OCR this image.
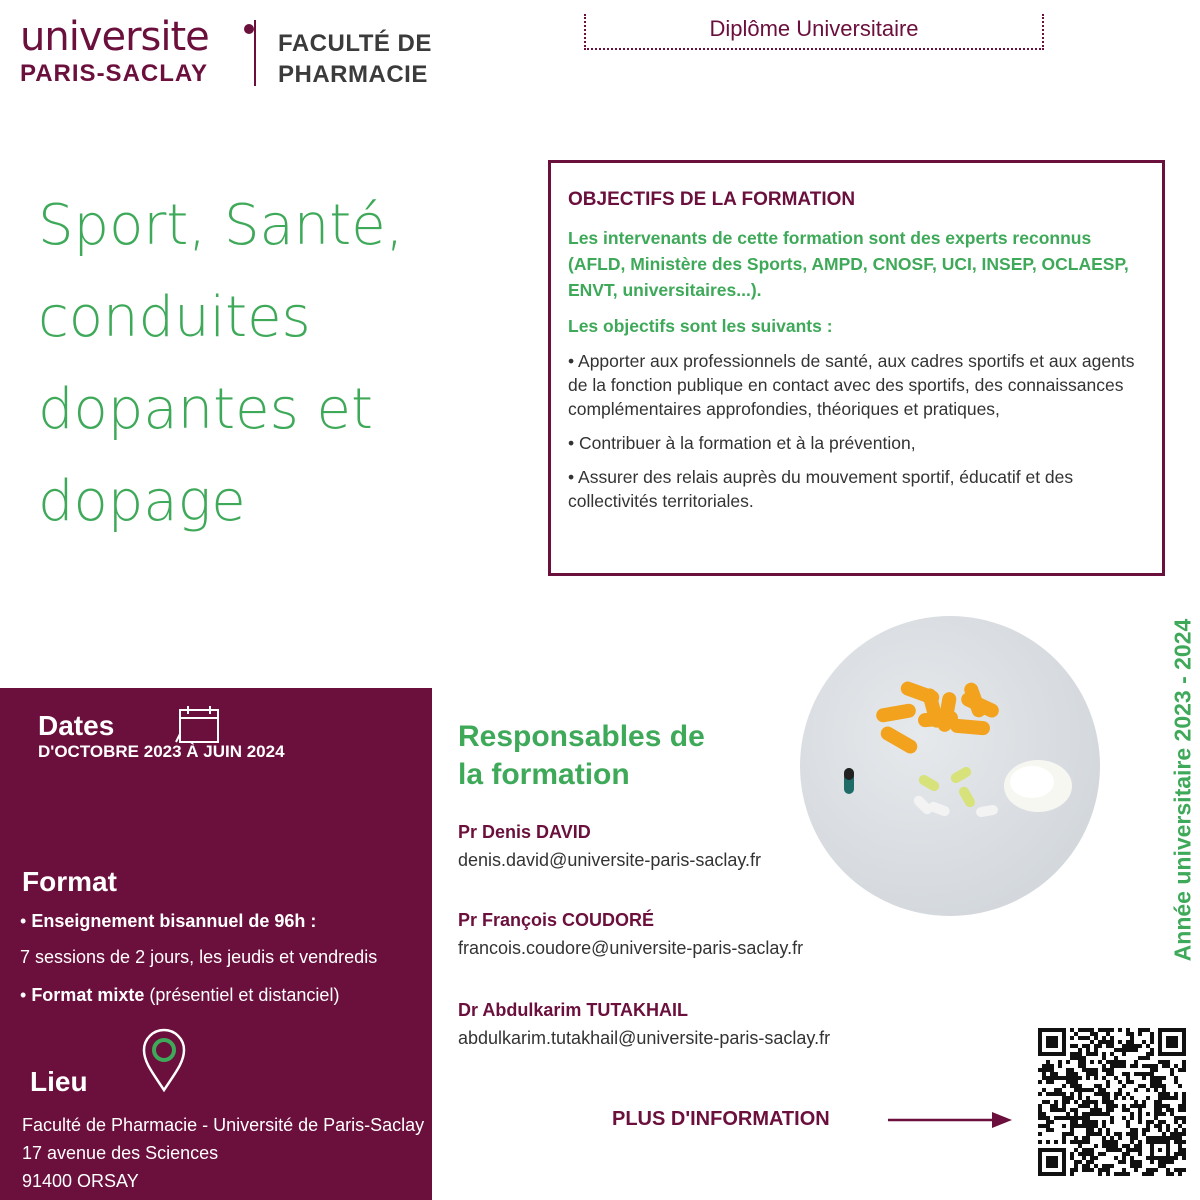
universite
PARIS-SACLAY
FACULTÉ DE
PHARMACIE
Diplôme Universitaire
Sport, Santé,
conduites
dopantes et
dopage
OBJECTIFS DE LA FORMATION
Les intervenants de cette formation sont des experts reconnus (AFLD, Ministère des Sports, AMPD, CNOSF, UCI, INSEP, OCLAESP, ENVT, universitaires...).
Les objectifs sont les suivants :
• Apporter aux professionnels de santé, aux cadres sportifs et aux agents de la fonction publique en contact avec des sportifs, des connaissances complémentaires approfondies, théoriques et pratiques,
• Contribuer à la formation et à la prévention,
• Assurer des relais auprès du mouvement sportif, éducatif et des collectivités territoriales.
Année universitaire 2023 - 2024
Dates
D'OCTOBRE 2023 À JUIN 2024
Format
• Enseignement bisannuel de 96h :
7 sessions de 2 jours, les jeudis et vendredis
• Format mixte (présentiel et distanciel)
Lieu
Faculté de Pharmacie - Université de Paris-Saclay
17 avenue des Sciences
91400 ORSAY
Responsables de
la formation
Pr Denis DAVID
denis.david@universite-paris-saclay.fr
Pr François COUDORÉ
francois.coudore@universite-paris-saclay.fr
Dr Abdulkarim TUTAKHAIL
abdulkarim.tutakhail@universite-paris-saclay.fr
PLUS D'INFORMATION
